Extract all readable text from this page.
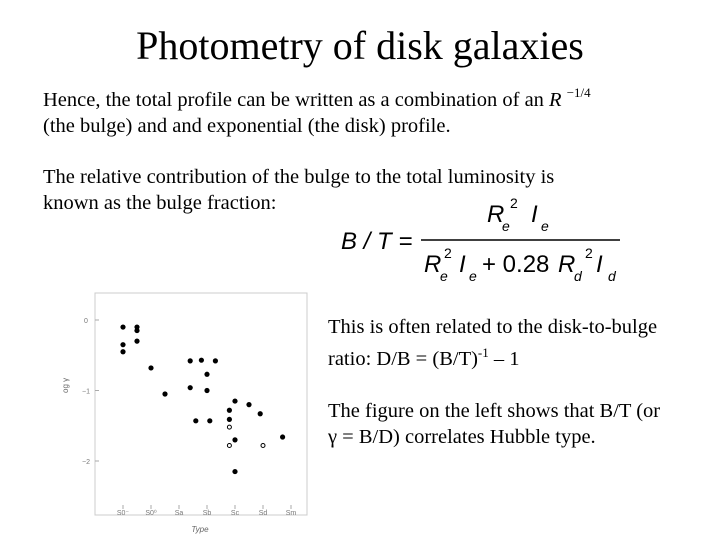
Photometry of disk galaxies
Hence, the total profile can be written as a combination of an R $^{-1/4}$
(the bulge) and and exponential (the disk) profile.
The relative contribution of the bulge to the total luminosity is
known as the bulge fraction:
B / T =
R
e
2 I e
R
e
2 I e + 0.28 R
d
2 I d
0
−1
−2
S0⁻ S0⁰	Sa	Sb	Sc	Sd	Sm
og γ
Type
This is often related to the disk-to-bulge
ratio: $D/B = (B/T)^{-1} - 1$
The figure on the left shows that B/T (or
γ = B/D) correlates Hubble type.
